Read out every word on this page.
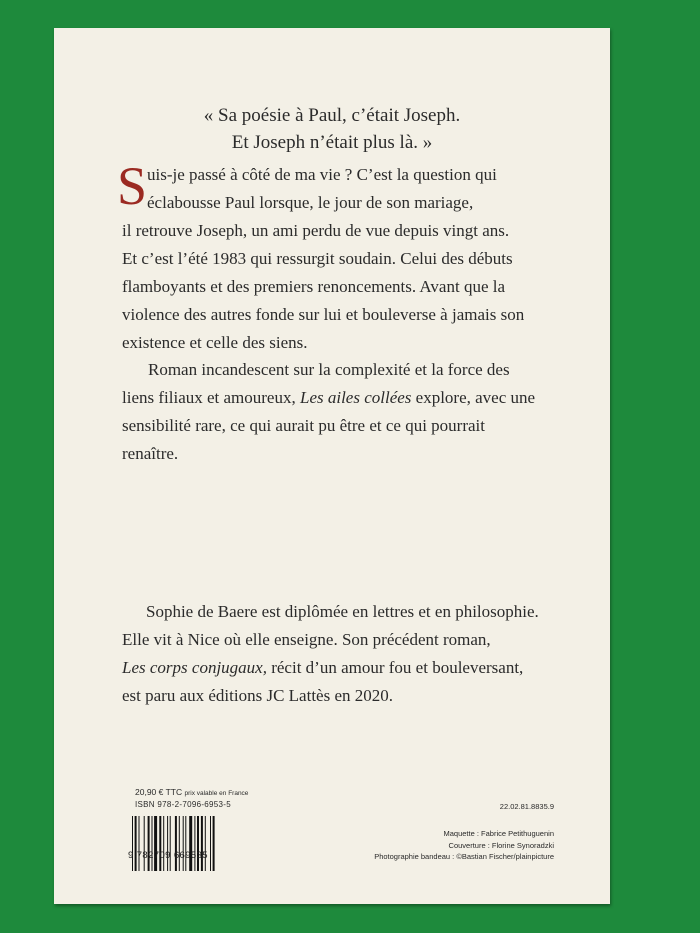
« Sa poésie à Paul, c’était Joseph.
Et Joseph n’était plus là. »
S uis-je passé à côté de ma vie ? C’est la question qui
éclabousse Paul lorsque, le jour de son mariage,
il retrouve Joseph, un ami perdu de vue depuis vingt ans.
Et c’est l’été 1983 qui ressurgit soudain. Celui des débuts
flamboyants et des premiers renoncements. Avant que la
violence des autres fonde sur lui et bouleverse à jamais son
existence et celle des siens.
Roman incandescent sur la complexité et la force des
liens filiaux et amoureux, Les ailes collées explore, avec une
sensibilité rare, ce qui aurait pu être et ce qui pourrait
renaître.
Sophie de Baere est diplômée en lettres et en philosophie.
Elle vit à Nice où elle enseigne. Son précédent roman,
Les corps conjugaux, récit d’un amour fou et bouleversant,
est paru aux éditions JC Lattès en 2020.
20,90 € TTC prix valable en France
ISBN 978-2-7096-6953-5
9 782709 669535
22.02.81.8835.9
Maquette : Fabrice Petithuguenin
Couverture : Florine Synoradzki
Photographie bandeau : ©Bastian Fischer/plainpicture
